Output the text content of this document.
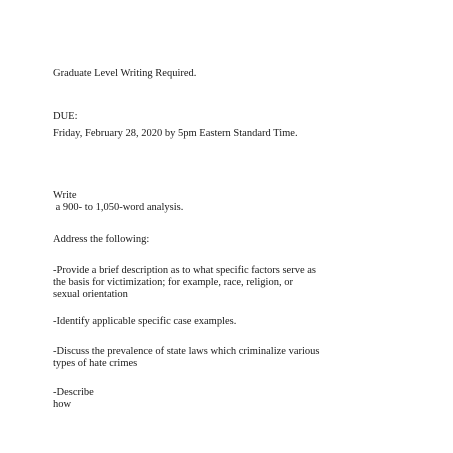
Graduate Level Writing Required.

DUE:

Friday, February 28, 2020 by 5pm Eastern Standard Time.

Write

a 900- to 1,050-word analysis.

Address the following:

-Provide a brief description as to what specific factors serve as

the basis for victimization; for example, race, religion, or

sexual orientation

-Identify applicable specific case examples.

-Discuss the prevalence of state laws which criminalize various

types of hate crimes

-Describe

how
